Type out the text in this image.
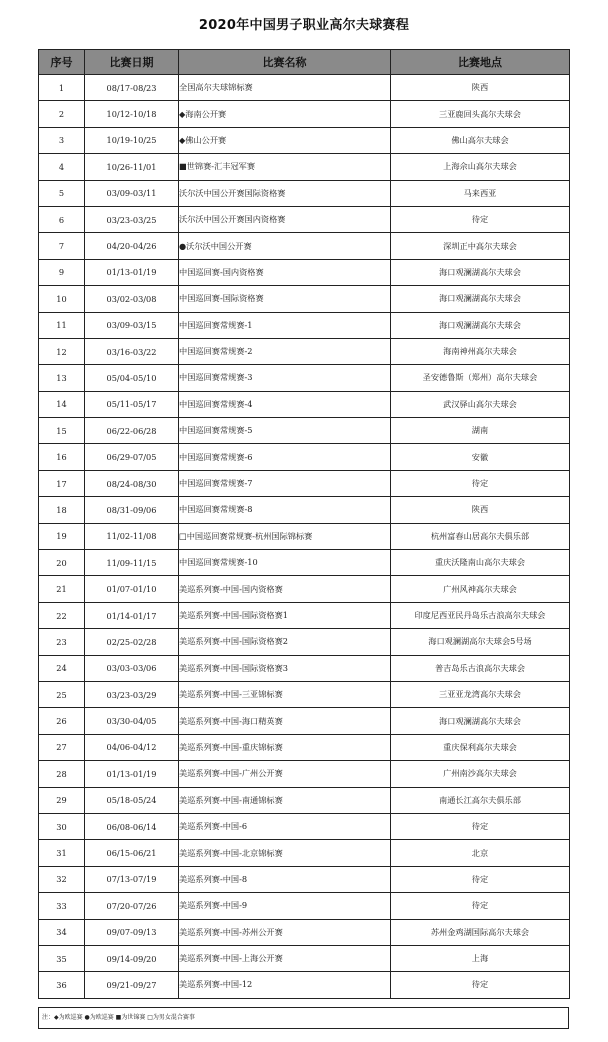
2020年中国男子职业高尔夫球赛程
序号	比赛日期	比赛名称	比赛地点
1	08/17-08/23	全国高尔夫球锦标赛	陕西
2	10/12-10/18	◆海南公开赛	三亚鹿回头高尔夫球会
3	10/19-10/25	◆佛山公开赛	佛山高尔夫球会
4	10/26-11/01	■世锦赛-汇丰冠军赛	上海佘山高尔夫球会
5	03/09-03/11	沃尔沃中国公开赛国际资格赛	马来西亚
6	03/23-03/25	沃尔沃中国公开赛国内资格赛	待定
7	04/20-04/26	●沃尔沃中国公开赛	深圳正中高尔夫球会
9	01/13-01/19	中国巡回赛-国内资格赛	海口观澜湖高尔夫球会
10	03/02-03/08	中国巡回赛-国际资格赛	海口观澜湖高尔夫球会
11	03/09-03/15	中国巡回赛常规赛-1	海口观澜湖高尔夫球会
12	03/16-03/22	中国巡回赛常规赛-2	海南神州高尔夫球会
13	05/04-05/10	中国巡回赛常规赛-3	圣安德鲁斯（郑州）高尔夫球会
14	05/11-05/17	中国巡回赛常规赛-4	武汉驿山高尔夫球会
15	06/22-06/28	中国巡回赛常规赛-5	湖南
16	06/29-07/05	中国巡回赛常规赛-6	安徽
17	08/24-08/30	中国巡回赛常规赛-7	待定
18	08/31-09/06	中国巡回赛常规赛-8	陕西
19	11/02-11/08	□中国巡回赛常规赛-杭州国际锦标赛	杭州富春山居高尔夫俱乐部
20	11/09-11/15	中国巡回赛常规赛-10	重庆沃隆南山高尔夫球会
21	01/07-01/10	美巡系列赛-中国-国内资格赛	广州风神高尔夫球会
22	01/14-01/17	美巡系列赛-中国-国际资格赛1	印度尼西亚民丹岛乐古浪高尔夫球会
23	02/25-02/28	美巡系列赛-中国-国际资格赛2	海口观澜湖高尔夫球会5号场
24	03/03-03/06	美巡系列赛-中国-国际资格赛3	普吉岛乐古浪高尔夫球会
25	03/23-03/29	美巡系列赛-中国-三亚锦标赛	三亚亚龙湾高尔夫球会
26	03/30-04/05	美巡系列赛-中国-海口精英赛	海口观澜湖高尔夫球会
27	04/06-04/12	美巡系列赛-中国-重庆锦标赛	重庆保利高尔夫球会
28	01/13-01/19	美巡系列赛-中国-广州公开赛	广州南沙高尔夫球会
29	05/18-05/24	美巡系列赛-中国-南通锦标赛	南通长江高尔夫俱乐部
30	06/08-06/14	美巡系列赛-中国-6	待定
31	06/15-06/21	美巡系列赛-中国-北京锦标赛	北京
32	07/13-07/19	美巡系列赛-中国-8	待定
33	07/20-07/26	美巡系列赛-中国-9	待定
34	09/07-09/13	美巡系列赛-中国-苏州公开赛	苏州金鸡湖国际高尔夫球会
35	09/14-09/20	美巡系列赛-中国-上海公开赛	上海
36	09/21-09/27	美巡系列赛-中国-12	待定
注：◆为欧巡赛 ●为欧巡赛 ■为世锦赛 □为男女混合赛事
